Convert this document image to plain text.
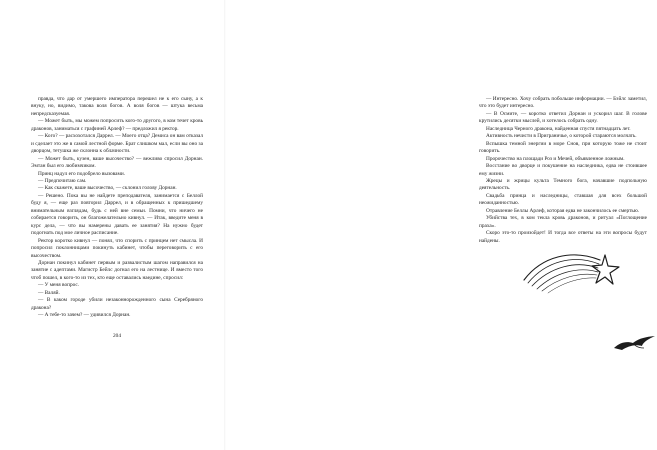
правда, что дар от умершего императора перешел не к его сыну, а к внуку, но, видимо, такова воля богов. А воля богов — штука весьма непредсказуемая.

— Может быть, мы можем попросить кого-то другого, в ком течет кровь драконов, заниматься с графиней Арлеф? — предложил я ректор.

— Кого? — расхохотался Даррел. — Моего отца? Демиса он вам отказал и сделает это же в самой лестной форме. Брат слишком мал, если вы оно за дворцом, тетушка же склонна к облачности.

— Может быть, кузен, ваше высочество? — вежливо спросил Дорнан. Эмтан был его любимчиком.

Принц надул его подобрело вызовами.

— Предпочитаю сам.

— Как скажете, ваше высочество, — склонил голову Дорнан.

— Решено. Пока вы не найдете преподавателя, занимается с Беллой буду я, — еще раз повторил Даррел, и в обращенных к пришедшему внимательным взглядам, будь с ней вне семьи. Помни, что ничего не собирается говорить, он благожелательно кивнул. — Итак, введите меня в курс дела, — что вы намерены давать ее занятия? На нужно будет подогнать под мое личное расписание.

Ректор коротко кивнул — понял, что спорить с принцем нет смысла. И попросил поклонницами покинуть кабинет, чтобы переговорить с его высочеством.

Дорнан покинул кабинет первым и развалистым шагом направился на занятие с адептами. Магистр Бейлс догнал его на лестнице. И вместо того чтоб пошел, в кого-то из тех, кто еще оставались наедине, спросил:

— У меня вопрос.

— Валяй.

— В каком городе убили незаконнорожденного сына Серебряного дракона?

— А тебе-то зачем? — удивился Дорнан.

204

— Интересно. Хочу собрать побольше информации. — Бэйлс заметил, что это будет интересно.

— В Осмите, — коротко ответил Дорнан и ускорил шаг. В голове крутились десятки мыслей, и хотелось собрать одну.

Наследница Черного дракона, найденная спустя пятнадцать лет.

Активность нечисти в Приграничье, о которой стараются молчать.

Вспышка темной энергии в море Снов, при которую тоже не стоит говорить.

Пророчество на площади Роз и Мечей, объявленное ложным.

Восстание во дворце и покушение на наследника, едва не стоившее ему жизни.

Жрецы и жрицы культа Темного бога, начавшие подпольную деятельность.

Свадьба принца и наследницы, ставшая для всех большой неожиданностью.

Отравление Беллы Арлеф, которая едва не закончилось ее смертью.

Убийства тех, в ком текла кровь драконов, и ритуал «Поглощение праха».

Скоро это-то произойдет! И тогда все ответы на эти вопросы будут найдены.
